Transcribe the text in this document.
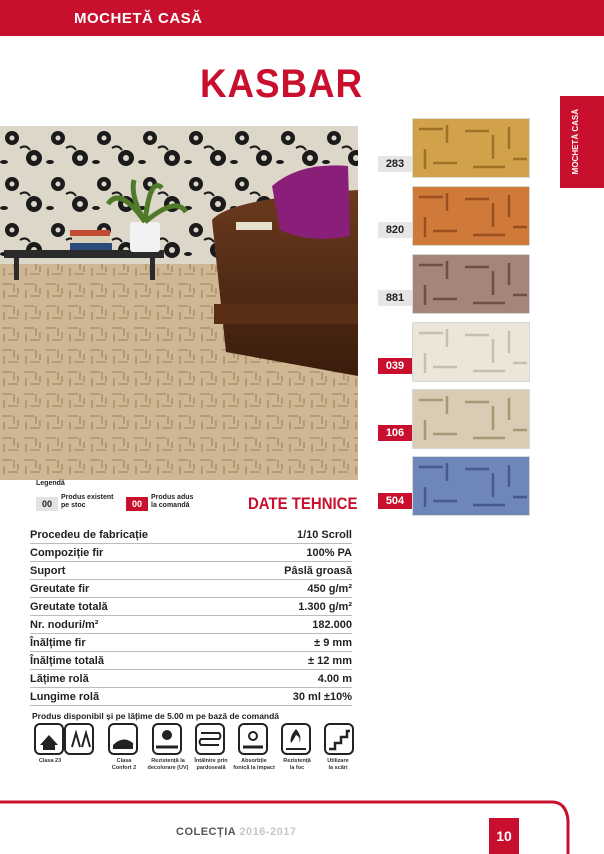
MOCHETĂ CASĂ
KASBAR
MOCHETĂ CASĂ
283
820
881
039
106
504
Legendă
00
Produs existent
pe stoc	00
Produs adus
la comandă	DATE TEHNICE
Procedeu de fabricație	1/10 Scroll
Compoziție fir	100% PA
Suport	Pâslă groasă
Greutate fir	450 g/m²
Greutate totală	1.300 g/m²
Nr. noduri/m²	182.000
Înălțime fir	± 9 mm
Înălțime totală	± 12 mm
Lățime rolă	4.00 m
Lungime rolă	30 ml ±10%
Produs disponibil și pe lățime de 5.00 m pe bază de comandă
Clasa 23	Clasa
Confort 2
Rezistență la
decolorare (UV)
Întâlnire prin
pardoseală
Absorbție
fonică la impact
Rezistență
la foc
Utilizare
la scări
COLECȚIA 2016-2017	10
